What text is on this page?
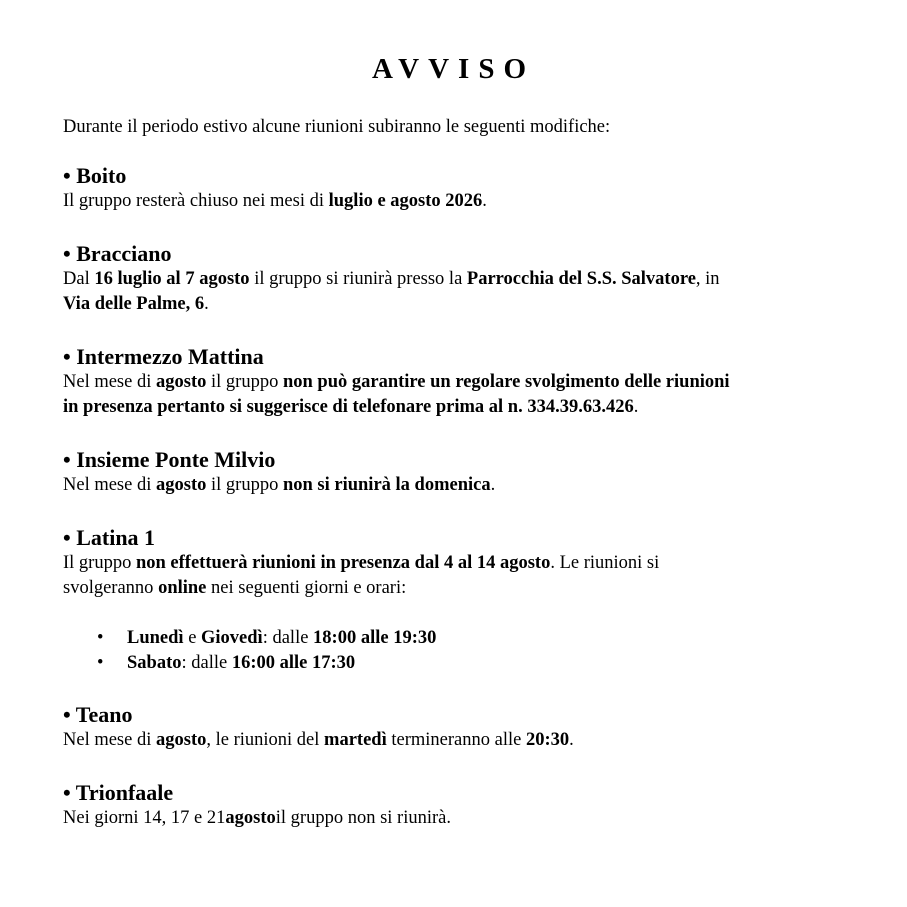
AVVISO
Durante il periodo estivo alcune riunioni subiranno le seguenti modifiche:
• Boito
Il gruppo resterà chiuso nei mesi di luglio e agosto 2026.
• Bracciano
Dal 16 luglio al 7 agosto il gruppo si riunirà presso la Parrocchia del S.S. Salvatore, in
Via delle Palme, 6.
• Intermezzo Mattina
Nel mese di agosto il gruppo non può garantire un regolare svolgimento delle riunioni
in presenza pertanto si suggerisce di telefonare prima al n. 334.39.63.426.
• Insieme Ponte Milvio
Nel mese di agosto il gruppo non si riunirà la domenica.
• Latina 1
Il gruppo non effettuerà riunioni in presenza dal 4 al 14 agosto. Le riunioni si
svolgeranno online nei seguenti giorni e orari:
• Lunedì e Giovedì: dalle 18:00 alle 19:30
• Sabato: dalle 16:00 alle 17:30
• Teano
Nel mese di agosto, le riunioni del martedì termineranno alle 20:30.
• Trionfaale
Nei giorni 14, 17 e 21agostoil gruppo non si riunirà.
